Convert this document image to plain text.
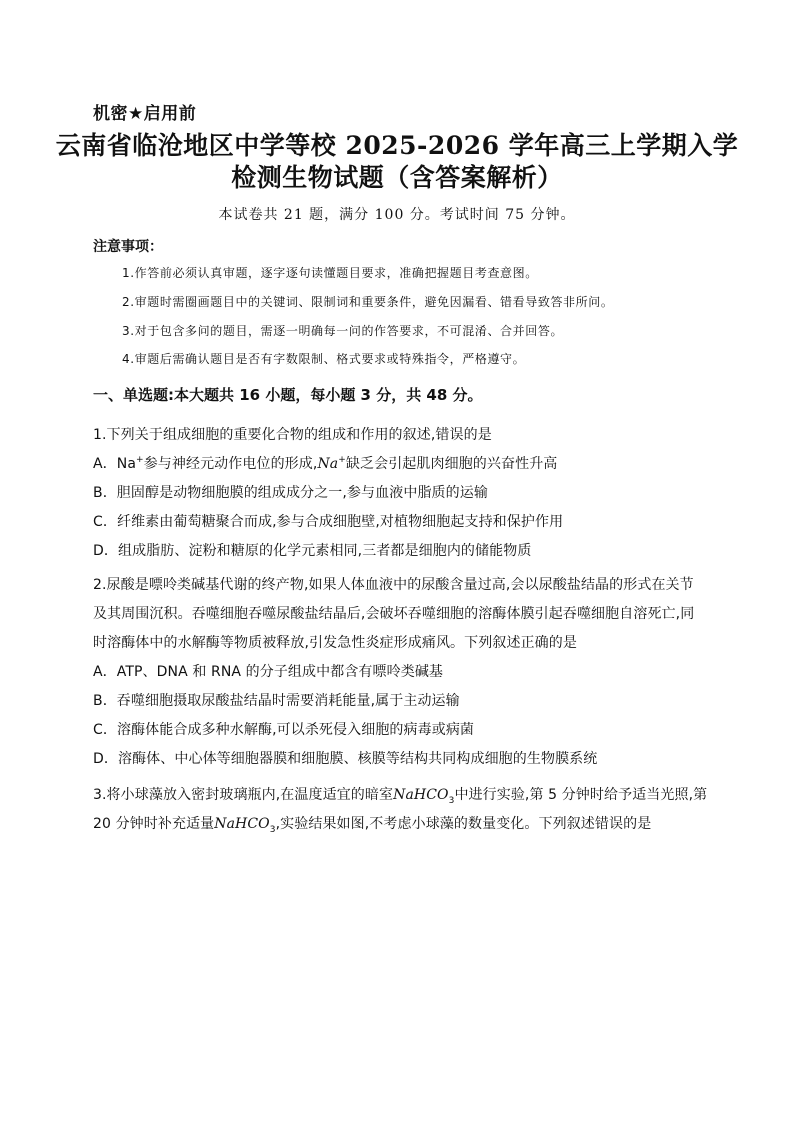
机密★启用前
云南省临沧地区中学等校 2025-2026 学年高三上学期入学
检测生物试题（含答案解析）
本试卷共 21 题，满分 100 分。考试时间 75 分钟。
注意事项：
1.作答前必须认真审题，逐字逐句读懂题目要求，准确把握题目考查意图。
2.审题时需圈画题目中的关键词、限制词和重要条件，避免因漏看、错看导致答非所问。
3.对于包含多问的题目，需逐一明确每一问的作答要求，不可混淆、合并回答。
4.审题后需确认题目是否有字数限制、格式要求或特殊指令，严格遵守。
一、单选题:本大题共 16 小题，每小题 3 分，共 48 分。
1.下列关于组成细胞的重要化合物的组成和作用的叙述,错误的是
A．Na+参与神经元动作电位的形成,Na+缺乏会引起肌肉细胞的兴奋性升高
B．胆固醇是动物细胞膜的组成成分之一,参与血液中脂质的运输
C．纤维素由葡萄糖聚合而成,参与合成细胞壁,对植物细胞起支持和保护作用
D．组成脂肪、淀粉和糖原的化学元素相同,三者都是细胞内的储能物质
2.尿酸是嘌呤类碱基代谢的终产物,如果人体血液中的尿酸含量过高,会以尿酸盐结晶的形式在关节
及其周围沉积。吞噬细胞吞噬尿酸盐结晶后,会破坏吞噬细胞的溶酶体膜引起吞噬细胞自溶死亡,同
时溶酶体中的水解酶等物质被释放,引发急性炎症形成痛风。下列叙述正确的是
A．ATP、DNA 和 RNA 的分子组成中都含有嘌呤类碱基
B．吞噬细胞摄取尿酸盐结晶时需要消耗能量,属于主动运输
C．溶酶体能合成多种水解酶,可以杀死侵入细胞的病毒或病菌
D．溶酶体、中心体等细胞器膜和细胞膜、核膜等结构共同构成细胞的生物膜系统
3.将小球藻放入密封玻璃瓶内,在温度适宜的暗室NaHCO$_3$中进行实验,第 5 分钟时给予适当光照,第
20 分钟时补充适量NaHCO$_3$,实验结果如图,不考虑小球藻的数量变化。下列叙述错误的是
